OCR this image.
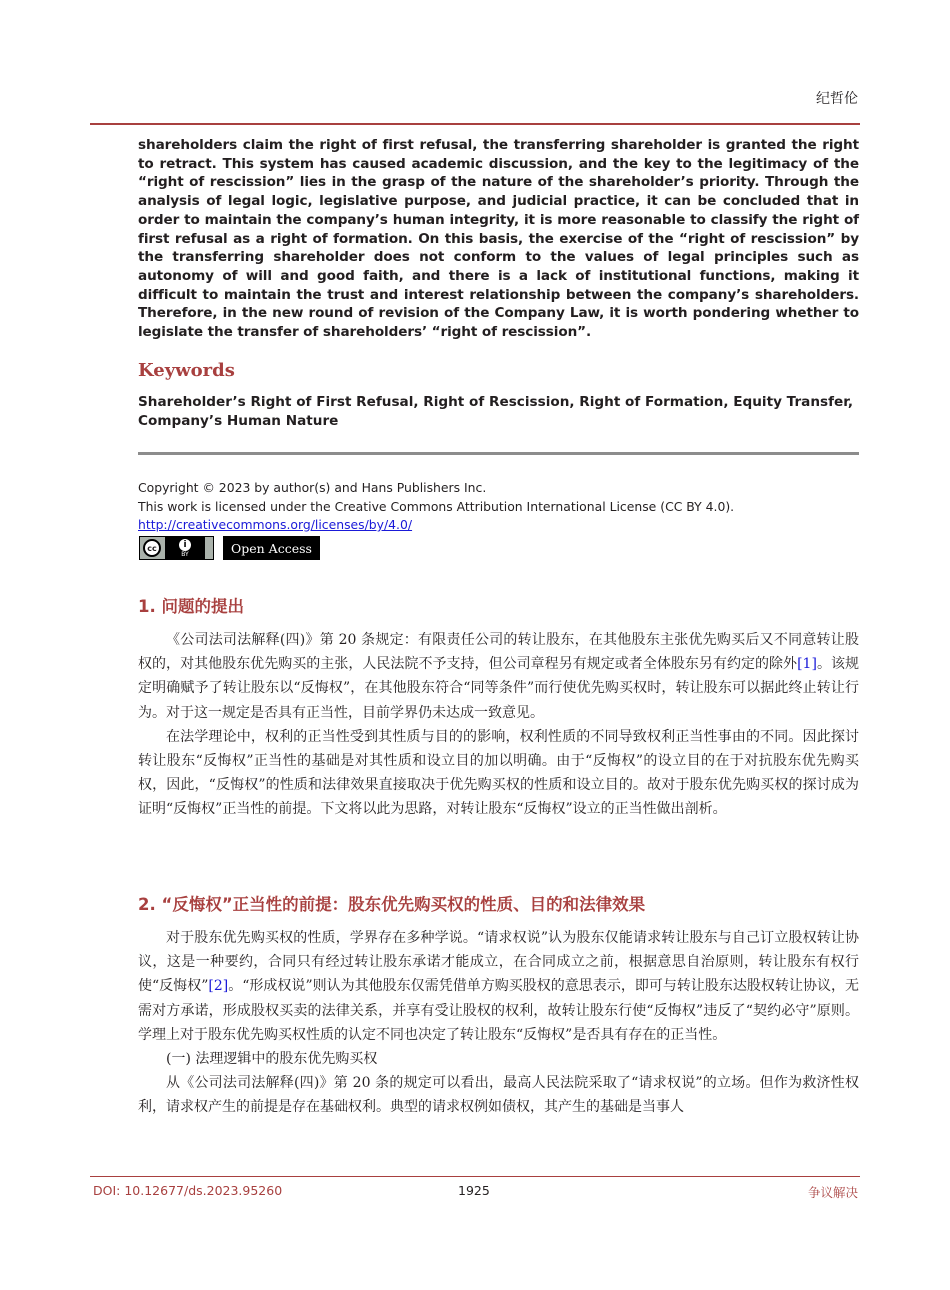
纪哲伦
shareholders claim the right of first refusal, the transferring shareholder is granted the right to retract. This system has caused academic discussion, and the key to the legitimacy of the “right of rescission” lies in the grasp of the nature of the shareholder’s priority. Through the analysis of legal logic, legislative purpose, and judicial practice, it can be concluded that in order to maintain the company’s human integrity, it is more reasonable to classify the right of first refusal as a right of formation. On this basis, the exercise of the “right of rescission” by the transferring shareholder does not conform to the values of legal principles such as autonomy of will and good faith, and there is a lack of institutional functions, making it difficult to maintain the trust and interest relationship between the company’s shareholders. Therefore, in the new round of revision of the Company Law, it is worth pondering whether to legislate the transfer of shareholders’ “right of rescission”.
Keywords
Shareholder’s Right of First Refusal, Right of Rescission, Right of Formation, Equity Transfer, Company’s Human Nature
Copyright © 2023 by author(s) and Hans Publishers Inc.
This work is licensed under the Creative Commons Attribution International License (CC BY 4.0).
http://creativecommons.org/licenses/by/4.0/
cc	i
BY	Open Access
1. 问题的提出

《公司法司法解释(四)》第 20 条规定：有限责任公司的转让股东，在其他股东主张优先购买后又不同意转让股权的，对其他股东优先购买的主张，人民法院不予支持，但公司章程另有规定或者全体股东另有约定的除外[1]。该规定明确赋予了转让股东以“反悔权”，在其他股东符合“同等条件”而行使优先购买权时，转让股东可以据此终止转让行为。对于这一规定是否具有正当性，目前学界仍未达成一致意见。

在法学理论中，权利的正当性受到其性质与目的的影响，权利性质的不同导致权利正当性事由的不同。因此探讨转让股东“反悔权”正当性的基础是对其性质和设立目的加以明确。由于“反悔权”的设立目的在于对抗股东优先购买权，因此，“反悔权”的性质和法律效果直接取决于优先购买权的性质和设立目的。故对于股东优先购买权的探讨成为证明“反悔权”正当性的前提。下文将以此为思路，对转让股东“反悔权”设立的正当性做出剖析。

2. “反悔权”正当性的前提：股东优先购买权的性质、目的和法律效果

对于股东优先购买权的性质，学界存在多种学说。“请求权说”认为股东仅能请求转让股东与自己订立股权转让协议，这是一种要约，合同只有经过转让股东承诺才能成立，在合同成立之前，根据意思自治原则，转让股东有权行使“反悔权”[2]。“形成权说”则认为其他股东仅需凭借单方购买股权的意思表示，即可与转让股东达股权转让协议，无需对方承诺，形成股权买卖的法律关系，并享有受让股权的权利，故转让股东行使“反悔权”违反了“契约必守”原则。学理上对于股东优先购买权性质的认定不同也决定了转让股东“反悔权”是否具有存在的正当性。

(一) 法理逻辑中的股东优先购买权

从《公司法司法解释(四)》第 20 条的规定可以看出，最高人民法院采取了“请求权说”的立场。但作为救济性权利，请求权产生的前提是存在基础权利。典型的请求权例如债权，其产生的基础是当事人

DOI: 10.12677/ds.2023.95260	1925	争议解决
